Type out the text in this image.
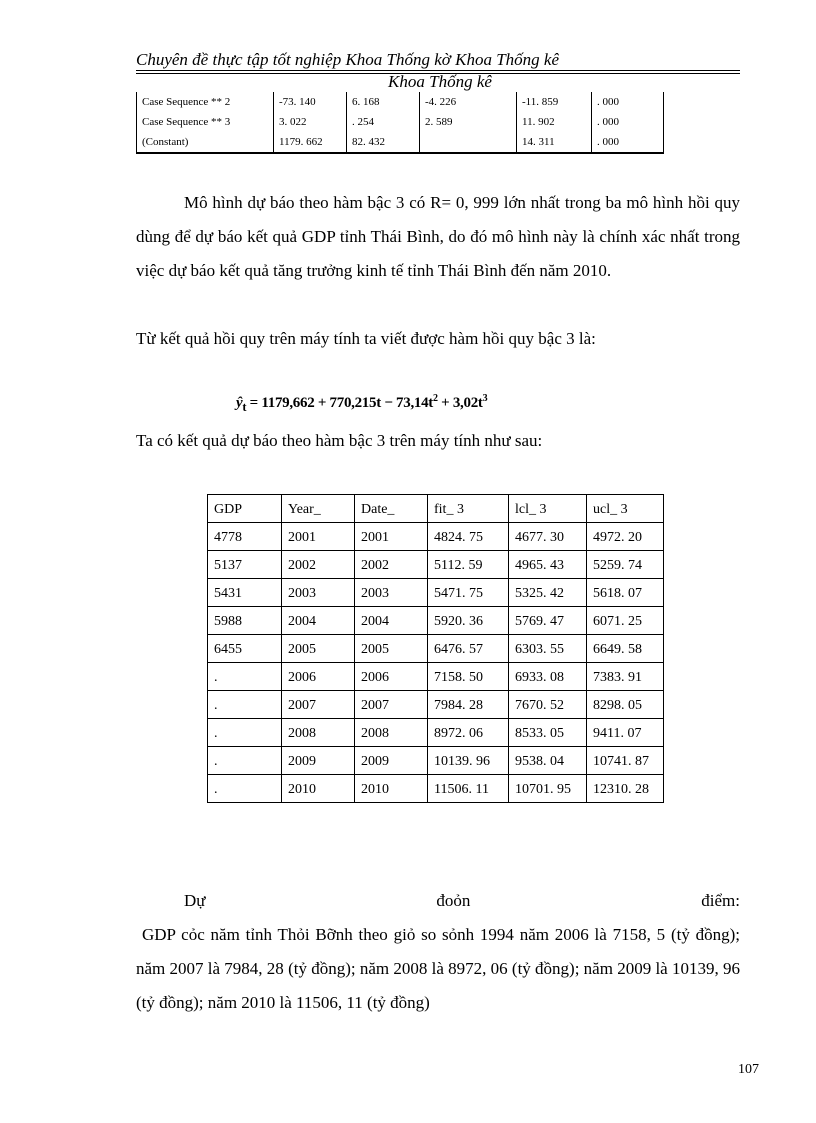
Chuyên đề thực tập tốt nghiệp Khoa Thống kờ Khoa Thống kê
Khoa Thống kê
Case Sequence ** 2	-73. 140	6. 168	-4. 226	-11. 859	. 000
Case Sequence ** 3	3. 022	. 254	2. 589	11. 902	. 000
(Constant)	1179. 662	82. 432		14. 311	. 000
Mô hình dự báo theo hàm bậc 3 có R= 0, 999 lớn nhất trong ba mô hình hồi quy dùng để dự báo kết quả GDP tỉnh Thái Bình, do đó mô hình này là chính xác nhất trong việc dự báo kết quả tăng trưởng kinh tế tỉnh Thái Bình đến năm 2010.
Từ kết quả hồi quy trên máy tính ta viết được hàm hồi quy bậc 3 là:
$ŷ_t = 1179,662 + 770,215t - 73,14t^2 + 3,02t^3$
Ta có kết quả dự báo theo hàm bậc 3 trên máy tính như sau:
GDP	Year_	Date_	fit_ 3	lcl_ 3	ucl_ 3
4778	2001	2001	4824. 75	4677. 30	4972. 20
5137	2002	2002	5112. 59	4965. 43	5259. 74
5431	2003	2003	5471. 75	5325. 42	5618. 07
5988	2004	2004	5920. 36	5769. 47	6071. 25
6455	2005	2005	6476. 57	6303. 55	6649. 58
.	2006	2006	7158. 50	6933. 08	7383. 91
.	2007	2007	7984. 28	7670. 52	8298. 05
.	2008	2008	8972. 06	8533. 05	9411. 07
.	2009	2009	10139. 96	9538. 04	10741. 87
.	2010	2010	11506. 11	10701. 95	12310. 28
Dự	đoỏn	điểm:
GDP cỏc năm tỉnh Thỏi Bỡnh theo giỏ so sỏnh 1994 năm 2006 là 7158, 5 (tỷ đồng); năm 2007 là 7984, 28 (tỷ đồng); năm 2008 là 8972, 06 (tỷ đồng); năm 2009 là 10139, 96 (tỷ đồng); năm 2010 là 11506, 11 (tỷ đồng)
107
